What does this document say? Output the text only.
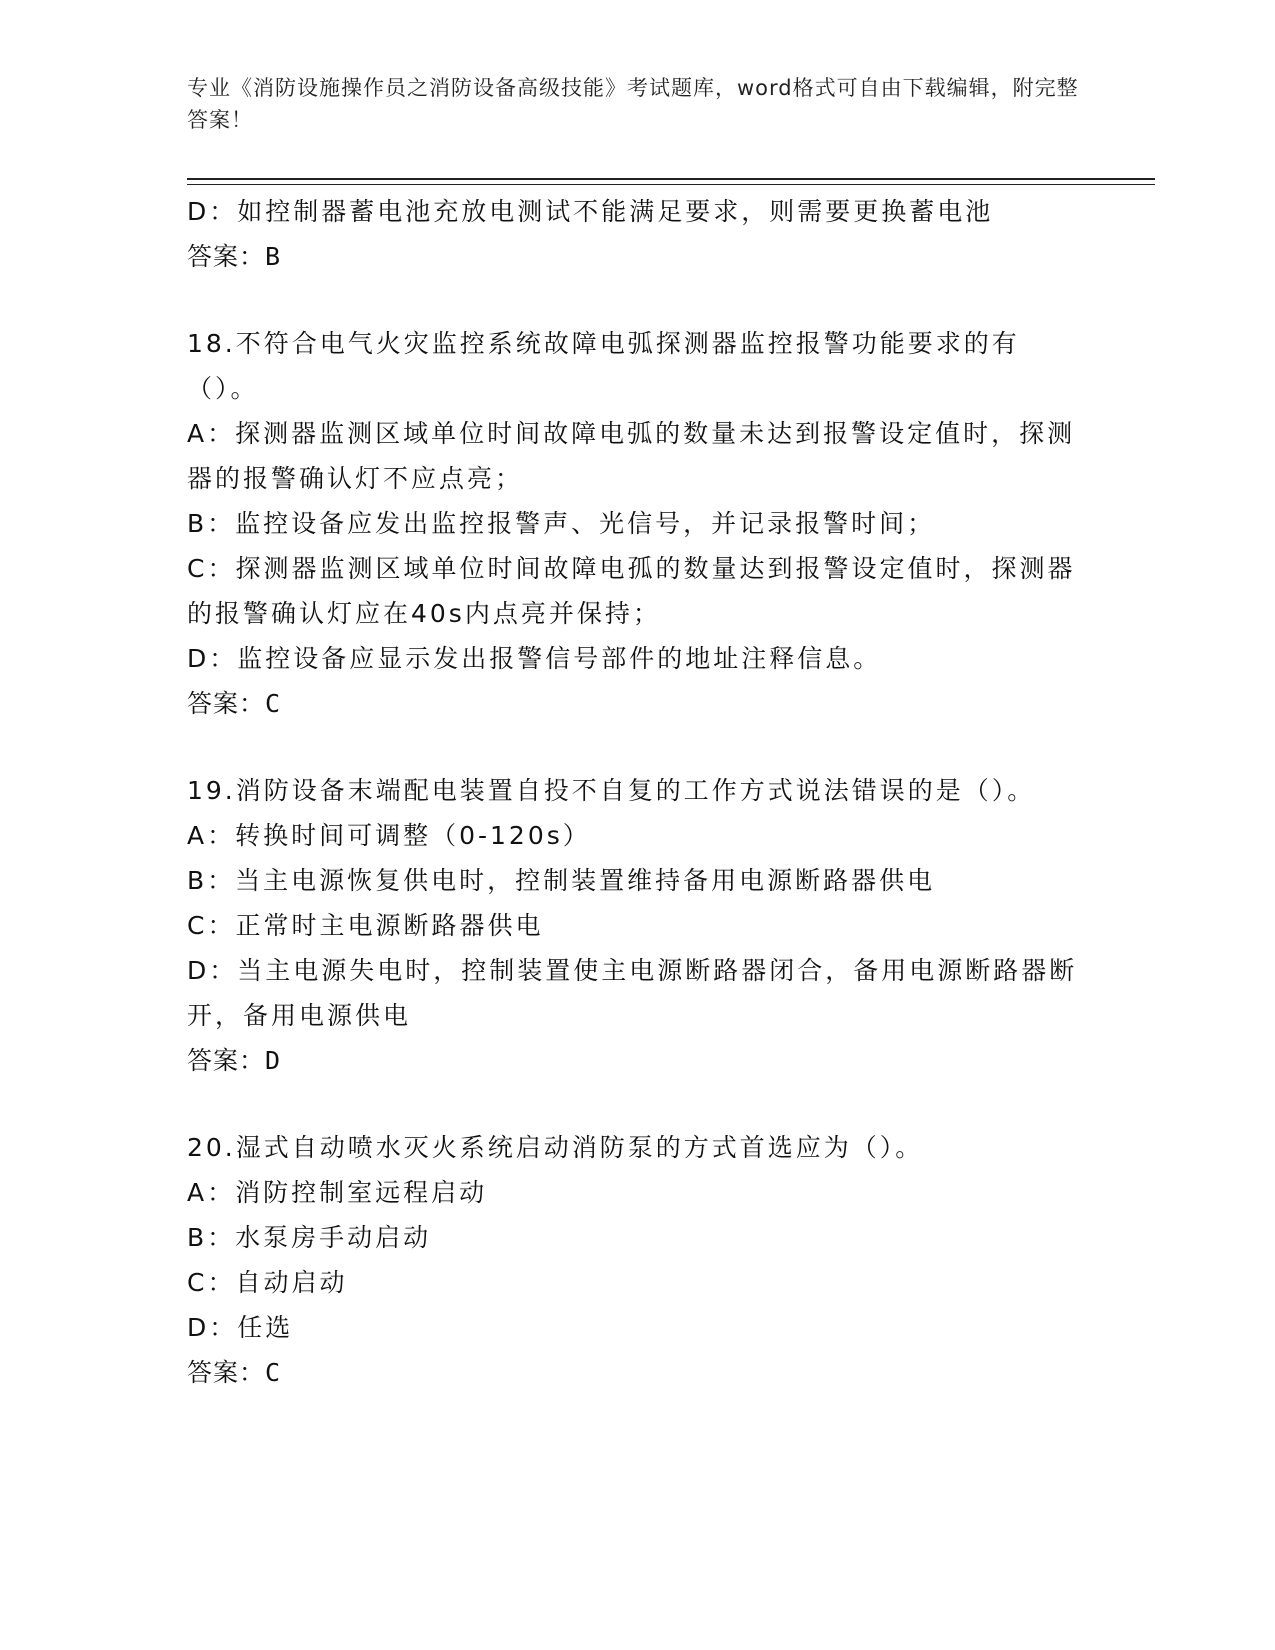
专业《消防设施操作员之消防设备高级技能》考试题库，word格式可自由下载编辑，附完整答案！

D：如控制器蓄电池充放电测试不能满足要求，则需要更换蓄电池

答案：B

18.不符合电气火灾监控系统故障电弧探测器监控报警功能要求的有（）。

A：探测器监测区域单位时间故障电弧的数量未达到报警设定值时，探测器的报警确认灯不应点亮；

B：监控设备应发出监控报警声、光信号，并记录报警时间；

C：探测器监测区域单位时间故障电孤的数量达到报警设定值时，探测器的报警确认灯应在40s内点亮并保持；

D：监控设备应显示发出报警信号部件的地址注释信息。

答案：C

19.消防设备末端配电装置自投不自复的工作方式说法错误的是（）。

A：转换时间可调整（0-120s）

B：当主电源恢复供电时，控制装置维持备用电源断路器供电

C：正常时主电源断路器供电

D：当主电源失电时，控制装置使主电源断路器闭合，备用电源断路器断开，备用电源供电

答案：D

20.湿式自动喷水灭火系统启动消防泵的方式首选应为（）。

A：消防控制室远程启动

B：水泵房手动启动

C：自动启动

D：任选

答案：C
